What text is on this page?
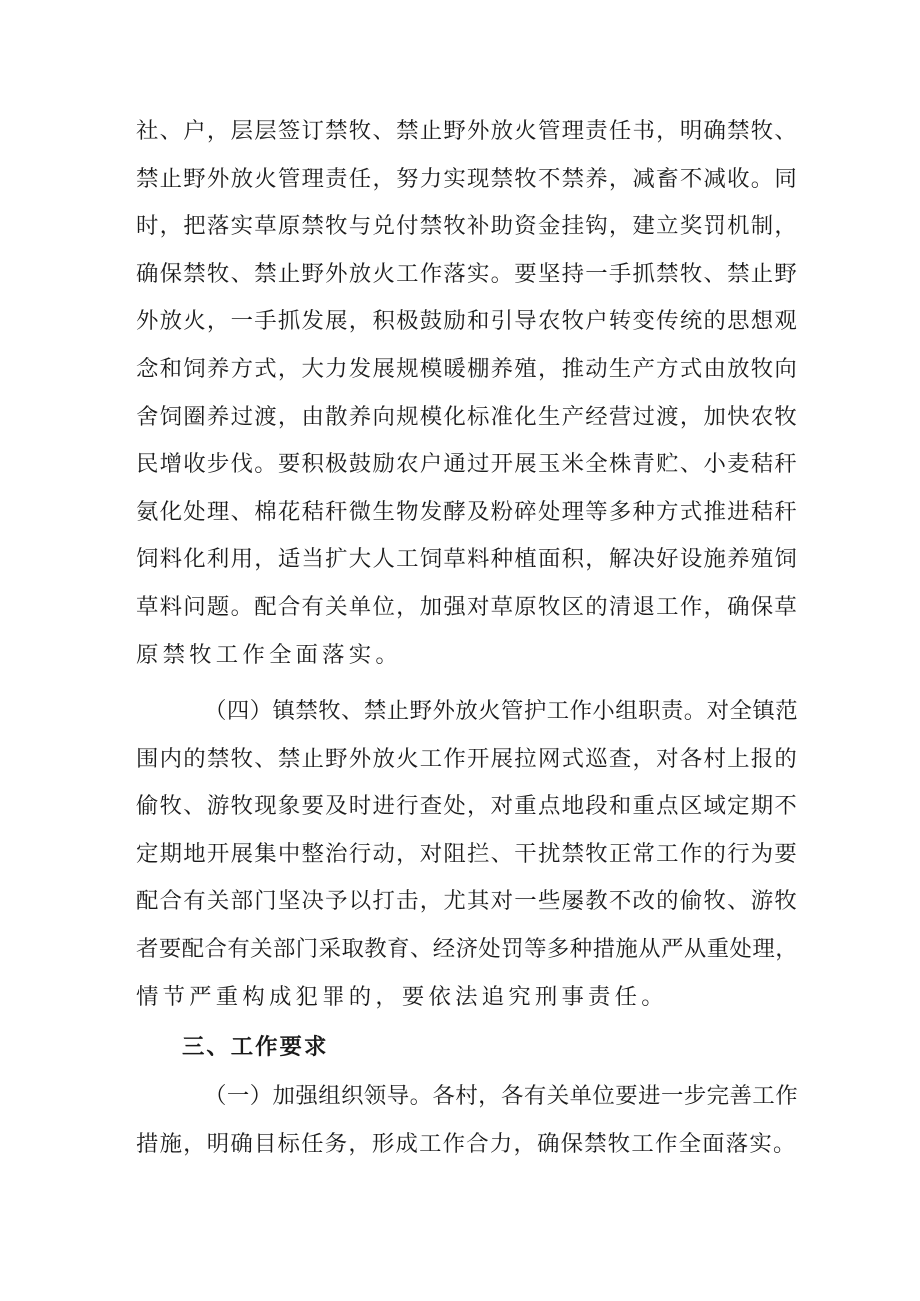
社、户，层层签订禁牧、禁止野外放火管理责任书，明确禁牧、
禁止野外放火管理责任，努力实现禁牧不禁养，减畜不减收。同
时，把落实草原禁牧与兑付禁牧补助资金挂钩，建立奖罚机制，
确保禁牧、禁止野外放火工作落实。要坚持一手抓禁牧、禁止野
外放火，一手抓发展，积极鼓励和引导农牧户转变传统的思想观
念和饲养方式，大力发展规模暖棚养殖，推动生产方式由放牧向
舍饲圈养过渡，由散养向规模化标准化生产经营过渡，加快农牧
民增收步伐。要积极鼓励农户通过开展玉米全株青贮、小麦秸秆
氨化处理、棉花秸秆微生物发酵及粉碎处理等多种方式推进秸秆
饲料化利用，适当扩大人工饲草料种植面积，解决好设施养殖饲
草料问题。配合有关单位，加强对草原牧区的清退工作，确保草
原禁牧工作全面落实。
（四）镇禁牧、禁止野外放火管护工作小组职责。对全镇范
围内的禁牧、禁止野外放火工作开展拉网式巡查，对各村上报的
偷牧、游牧现象要及时进行查处，对重点地段和重点区域定期不
定期地开展集中整治行动，对阻拦、干扰禁牧正常工作的行为要
配合有关部门坚决予以打击，尤其对一些屡教不改的偷牧、游牧
者要配合有关部门采取教育、经济处罚等多种措施从严从重处理，
情节严重构成犯罪的，要依法追究刑事责任。
三、工作要求
（一）加强组织领导。各村，各有关单位要进一步完善工作
措施，明确目标任务，形成工作合力，确保禁牧工作全面落实。
